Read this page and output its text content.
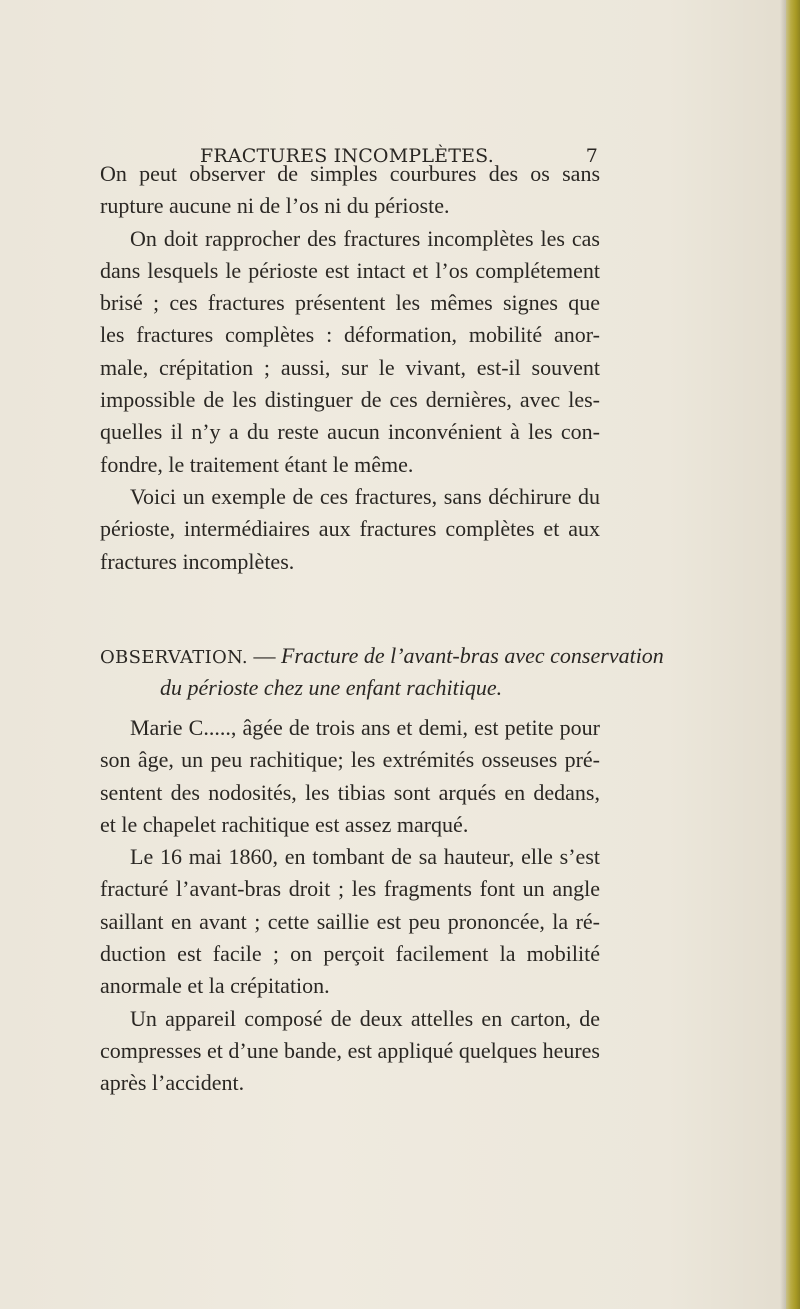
FRACTURES INCOMPLÈTES.	7
On peut observer de simples courbures des os sans
rupture aucune ni de l’os ni du périoste.
On doit rapprocher des fractures incomplètes les cas
dans lesquels le périoste est intact et l’os complétement
brisé ; ces fractures présentent les mêmes signes que
les fractures complètes : déformation, mobilité anor-
male, crépitation ; aussi, sur le vivant, est-il souvent
impossible de les distinguer de ces dernières, avec les-
quelles il n’y a du reste aucun inconvénient à les con-
fondre, le traitement étant le même.
Voici un exemple de ces fractures, sans déchirure du
périoste, intermédiaires aux fractures complètes et aux
fractures incomplètes.
OBSERVATION. — Fracture de l’avant-bras avec conservation
du périoste chez une enfant rachitique.
Marie C....., âgée de trois ans et demi, est petite pour
son âge, un peu rachitique; les extrémités osseuses pré-
sentent des nodosités, les tibias sont arqués en dedans,
et le chapelet rachitique est assez marqué.
Le 16 mai 1860, en tombant de sa hauteur, elle s’est
fracturé l’avant-bras droit ; les fragments font un angle
saillant en avant ; cette saillie est peu prononcée, la ré-
duction est facile ; on perçoit facilement la mobilité
anormale et la crépitation.
Un appareil composé de deux attelles en carton, de
compresses et d’une bande, est appliqué quelques heures
après l’accident.
